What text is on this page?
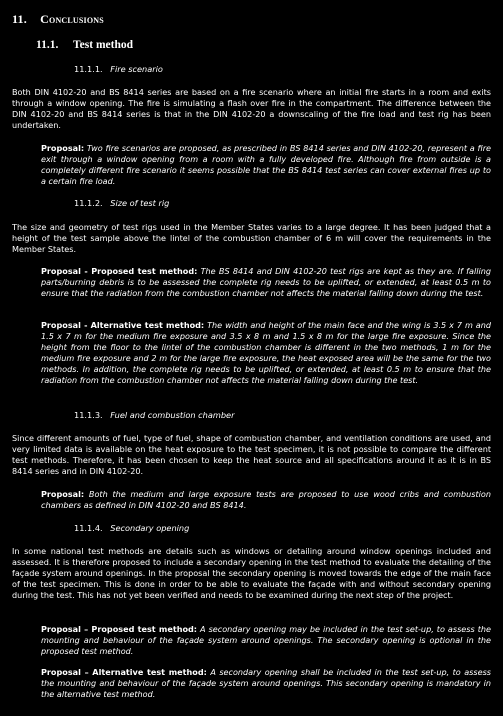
11. Conclusions
11.1. Test method
11.1.1. Fire scenario
Both DIN 4102-20 and BS 8414 series are based on a fire scenario where an initial fire starts in a room and exits through a window opening. The fire is simulating a flash over fire in the compartment. The difference between the DIN 4102-20 and BS 8414 series is that in the DIN 4102-20 a downscaling of the fire load and test rig has been undertaken.
Proposal: Two fire scenarios are proposed, as prescribed in BS 8414 series and DIN 4102-20, represent a fire exit through a window opening from a room with a fully developed fire. Although fire from outside is a completely different fire scenario it seems possible that the BS 8414 test series can cover external fires up to a certain fire load.
11.1.2. Size of test rig
The size and geometry of test rigs used in the Member States varies to a large degree. It has been judged that a height of the test sample above the lintel of the combustion chamber of 6 m will cover the requirements in the Member States.
Proposal - Proposed test method: The BS 8414 and DIN 4102-20 test rigs are kept as they are. If falling parts/burning debris is to be assessed the complete rig needs to be uplifted, or extended, at least 0.5 m to ensure that the radiation from the combustion chamber not affects the material falling down during the test.
Proposal - Alternative test method: The width and height of the main face and the wing is 3.5 x 7 m and 1.5 x 7 m for the medium fire exposure and 3.5 x 8 m and 1.5 x 8 m for the large fire exposure. Since the height from the floor to the lintel of the combustion chamber is different in the two methods, 1 m for the medium fire exposure and 2 m for the large fire exposure, the heat exposed area will be the same for the two methods. In addition, the complete rig needs to be uplifted, or extended, at least 0.5 m to ensure that the radiation from the combustion chamber not affects the material falling down during the test.
11.1.3. Fuel and combustion chamber
Since different amounts of fuel, type of fuel, shape of combustion chamber, and ventilation conditions are used, and very limited data is available on the heat exposure to the test specimen, it is not possible to compare the different test methods. Therefore, it has been chosen to keep the heat source and all specifications around it as it is in BS 8414 series and in DIN 4102-20.
Proposal: Both the medium and large exposure tests are proposed to use wood cribs and combustion chambers as defined in DIN 4102-20 and BS 8414.
11.1.4. Secondary opening
In some national test methods are details such as windows or detailing around window openings included and assessed. It is therefore proposed to include a secondary opening in the test method to evaluate the detailing of the façade system around openings. In the proposal the secondary opening is moved towards the edge of the main face of the test specimen. This is done in order to be able to evaluate the façade with and without secondary opening during the test. This has not yet been verified and needs to be examined during the next step of the project.
Proposal – Proposed test method: A secondary opening may be included in the test set-up, to assess the mounting and behaviour of the façade system around openings. The secondary opening is optional in the proposed test method.
Proposal – Alternative test method: A secondary opening shall be included in the test set-up, to assess the mounting and behaviour of the façade system around openings. This secondary opening is mandatory in the alternative test method.
